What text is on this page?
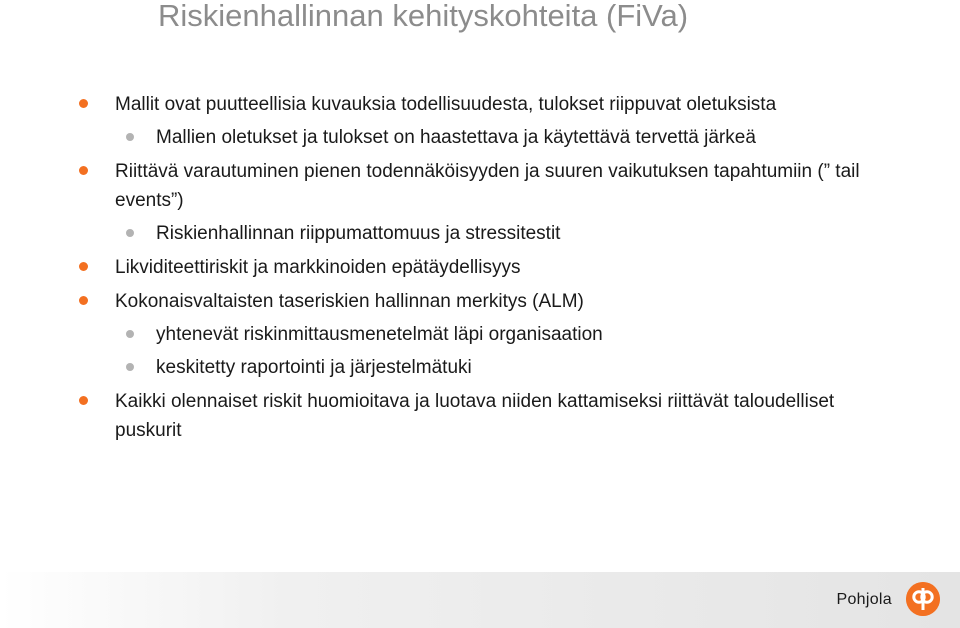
Riskienhallinnan kehityskohteita (FiVa)
Mallit ovat puutteellisia kuvauksia todellisuudesta, tulokset riippuvat oletuksista
Mallien oletukset ja tulokset on haastettava ja käytettävä tervettä järkeä
Riittävä varautuminen pienen todennäköisyyden ja suuren vaikutuksen tapahtumiin (” tail events”)
Riskienhallinnan riippumattomuus ja stressitestit
Likviditeettiriskit ja markkinoiden epätäydellisyys
Kokonaisvaltaisten taseriskien hallinnan merkitys (ALM)
yhtenevät riskinmittausmenetelmät läpi organisaation
keskitetty raportointi ja järjestelmätuki
Kaikki olennaiset riskit huomioitava ja luotava niiden kattamiseksi riittävät taloudelliset puskurit
Pohjola
